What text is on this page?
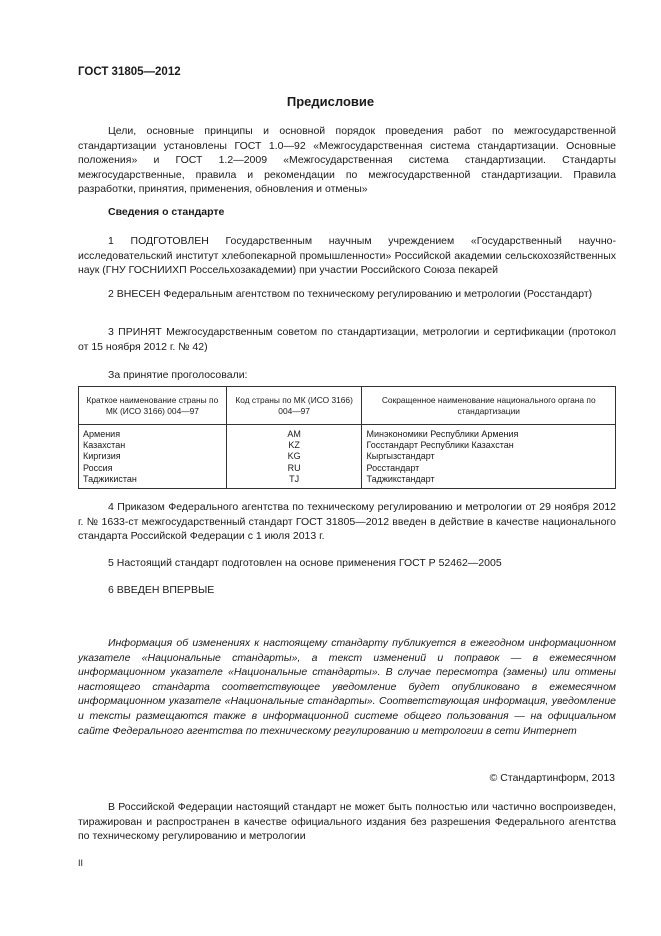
ГОСТ 31805—2012
Предисловие

Цели, основные принципы и основной порядок проведения работ по межгосударственной стандартизации установлены ГОСТ 1.0—92 «Межгосударственная система стандартизации. Основные положения» и ГОСТ 1.2—2009 «Межгосударственная система стандартизации. Стандарты межгосударственные, правила и рекомендации по межгосударственной стандартизации. Правила разработки, принятия, применения, обновления и отмены»

Сведения о стандарте

1 ПОДГОТОВЛЕН Государственным научным учреждением «Государственный научно-исследовательский институт хлебопекарной промышленности» Российской академии сельскохозяйственных наук (ГНУ ГОСНИИХП Россельхозакадемии) при участии Российского Союза пекарей

2 ВНЕСЕН Федеральным агентством по техническому регулированию и метрологии (Росстандарт)

3 ПРИНЯТ Межгосударственным советом по стандартизации, метрологии и сертификации (протокол от 15 ноября 2012 г. № 42)

За принятие проголосовали:

Краткое наименование страны по МК (ИСО 3166) 004—97	Код страны по МК (ИСО 3166) 004—97	Сокращенное наименование национального органа по стандартизации
Армения	AM	Минэкономики Республики Армения
Казахстан	KZ	Госстандарт Республики Казахстан
Киргизия	KG	Кыргызстандарт
Россия	RU	Росстандарт
Таджикистан	TJ	Таджикстандарт

4 Приказом Федерального агентства по техническому регулированию и метрологии от 29 ноября 2012 г. № 1633-ст межгосударственный стандарт ГОСТ 31805—2012 введен в действие в качестве национального стандарта Российской Федерации с 1 июля 2013 г.

5 Настоящий стандарт подготовлен на основе применения ГОСТ Р 52462—2005

6 ВВЕДЕН ВПЕРВЫЕ

Информация об изменениях к настоящему стандарту публикуется в ежегодном информационном указателе «Национальные стандарты», а текст изменений и поправок — в ежемесячном информационном указателе «Национальные стандарты». В случае пересмотра (замены) или отмены настоящего стандарта соответствующее уведомление будет опубликовано в ежемесячном информационном указателе «Национальные стандарты». Соответствующая информация, уведомление и тексты размещаются также в информационной системе общего пользования — на официальном сайте Федерального агентства по техническому регулированию и метрологии в сети Интернет

© Стандартинформ, 2013

В Российской Федерации настоящий стандарт не может быть полностью или частично воспроизведен, тиражирован и распространен в качестве официального издания без разрешения Федерального агентства по техническому регулированию и метрологии

II
